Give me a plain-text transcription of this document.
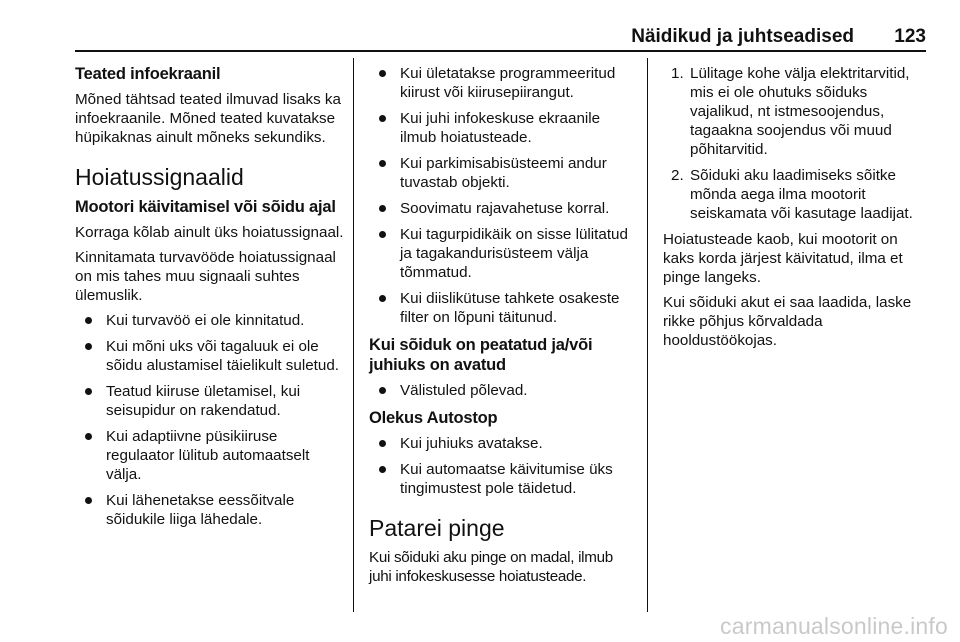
Näidikud ja juhtseadised 123
Teated infoekraanil

Mõned tähtsad teated ilmuvad lisaks ka infoekraanile. Mõned teated kuvatakse hüpikaknas ainult mõneks sekundiks.

Hoiatussignaalid
Mootori käivitamisel või sõidu ajal

Korraga kõlab ainult üks hoiatussignaal.

Kinnitamata turvavööde hoiatussignaal on mis tahes muu signaali suhtes ülemuslik.

Kui turvavöö ei ole kinnitatud.
Kui mõni uks või tagaluuk ei ole sõidu alustamisel täielikult suletud.
Teatud kiiruse ületamisel, kui seisupidur on rakendatud.
Kui adaptiivne püsikiiruse regulaator lülitub automaatselt välja.
Kui lähenetakse eessõitvale sõidukile liiga lähedale.
Kui ületatakse programmeeritud kiirust või kiirusepiirangut.
Kui juhi infokeskuse ekraanile ilmub hoiatusteade.
Kui parkimisabisüsteemi andur tuvastab objekti.
Soovimatu rajavahetuse korral.
Kui tagurpidikäik on sisse lülitatud ja tagakandurisüsteem välja tõmmatud.
Kui diislikütuse tahkete osakeste filter on lõpuni täitunud.
Kui sõiduk on peatatud ja/või juhiuks on avatud
Välistuled põlevad.
Olekus Autostop
Kui juhiuks avatakse.
Kui automaatse käivitumise üks tingimustest pole täidetud.
Patarei pinge

Kui sõiduki aku pinge on madal, ilmub juhi infokeskusesse hoiatusteade.

1. Lülitage kohe välja elektritarvitid, mis ei ole ohutuks sõiduks vajalikud, nt istmesoojendus, tagaakna soojendus või muud põhitarvitid.
2. Sõiduki aku laadimiseks sõitke mõnda aega ilma mootorit seiskamata või kasutage laadijat.

Hoiatusteade kaob, kui mootorit on kaks korda järjest käivitatud, ilma et pinge langeks.

Kui sõiduki akut ei saa laadida, laske rikke põhjus kõrvaldada hooldustöökojas.

carmanualsonline.info
